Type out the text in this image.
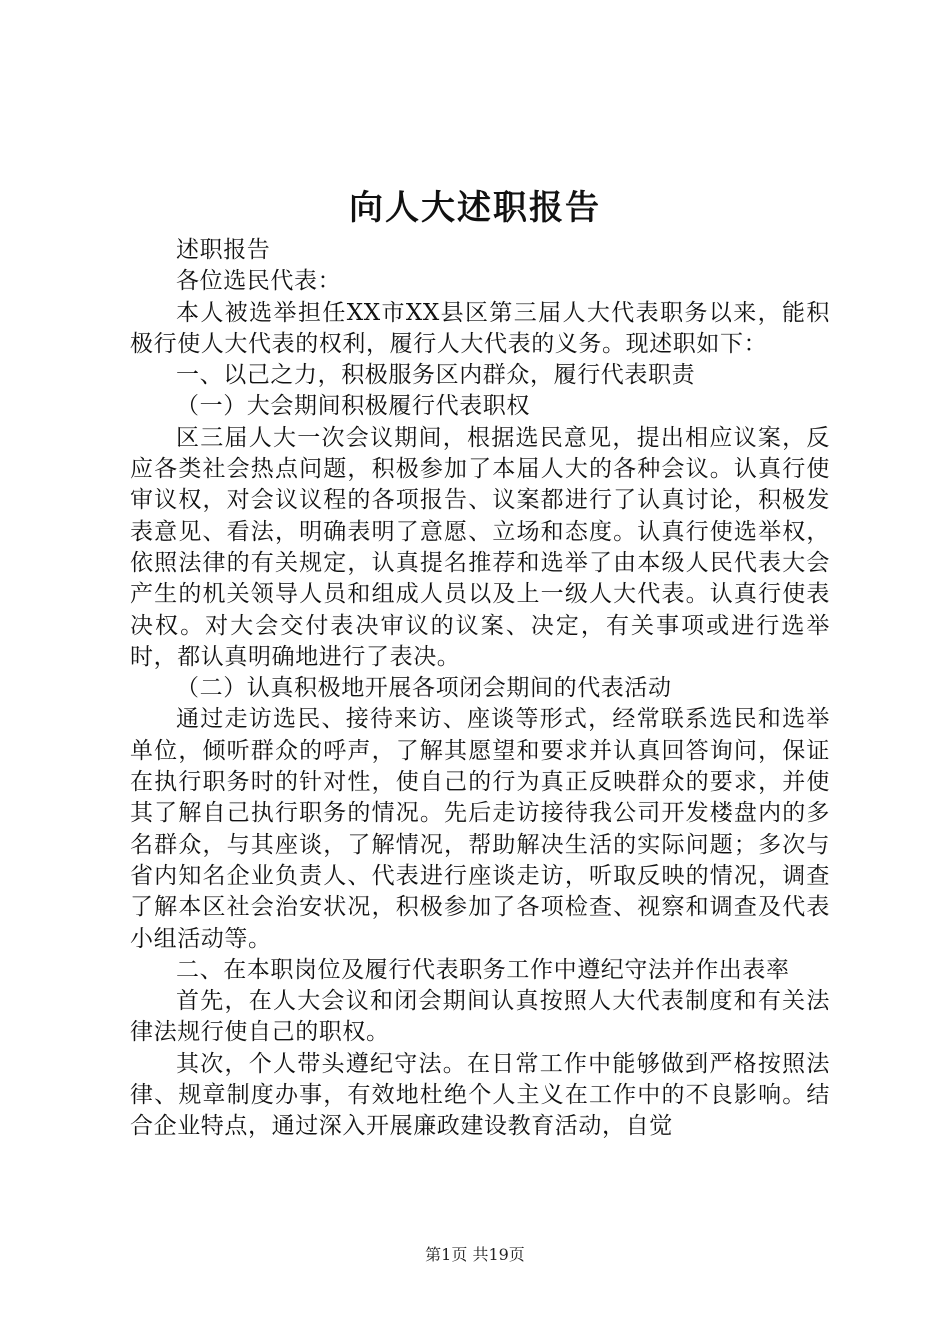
向人大述职报告

述职报告

各位选民代表：

本人被选举担任XX市XX县区第三届人大代表职务以来，能积极行使人大代表的权利，履行人大代表的义务。现述职如下：

一、以己之力，积极服务区内群众，履行代表职责

（一）大会期间积极履行代表职权

区三届人大一次会议期间，根据选民意见，提出相应议案，反应各类社会热点问题，积极参加了本届人大的各种会议。认真行使审议权，对会议议程的各项报告、议案都进行了认真讨论，积极发表意见、看法，明确表明了意愿、立场和态度。认真行使选举权，依照法律的有关规定，认真提名推荐和选举了由本级人民代表大会产生的机关领导人员和组成人员以及上一级人大代表。认真行使表决权。对大会交付表决审议的议案、决定，有关事项或进行选举时，都认真明确地进行了表决。

（二）认真积极地开展各项闭会期间的代表活动

通过走访选民、接待来访、座谈等形式，经常联系选民和选举单位，倾听群众的呼声，了解其愿望和要求并认真回答询问，保证在执行职务时的针对性，使自己的行为真正反映群众的要求，并使其了解自己执行职务的情况。先后走访接待我公司开发楼盘内的多名群众，与其座谈，了解情况，帮助解决生活的实际问题；多次与省内知名企业负责人、代表进行座谈走访，听取反映的情况，调查了解本区社会治安状况，积极参加了各项检查、视察和调查及代表小组活动等。

二、在本职岗位及履行代表职务工作中遵纪守法并作出表率

首先，在人大会议和闭会期间认真按照人大代表制度和有关法律法规行使自己的职权。

其次，个人带头遵纪守法。在日常工作中能够做到严格按照法律、规章制度办事，有效地杜绝个人主义在工作中的不良影响。结合企业特点，通过深入开展廉政建设教育活动，自觉

第1页 共19页
